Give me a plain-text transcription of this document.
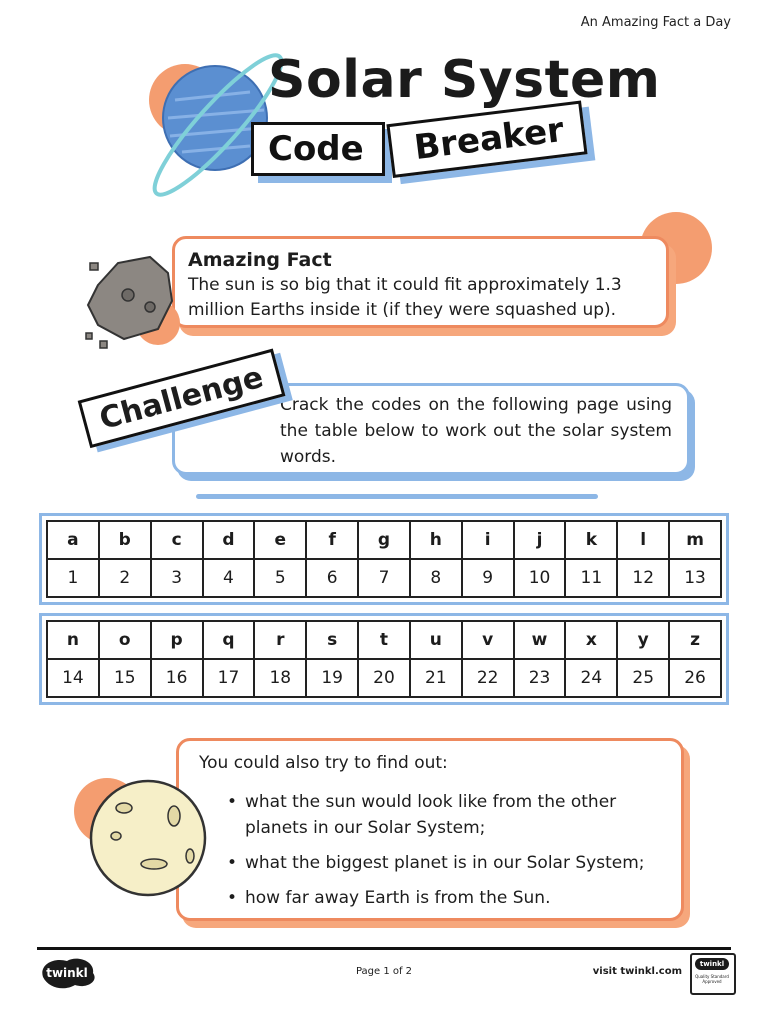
An Amazing Fact a Day
Solar System
Code	Breaker
Amazing Fact
The sun is so big that it could fit approximately 1.3 million Earths inside it (if they were squashed up).
Crack the codes on the following page using the table below to work out the solar system words.
Challenge
a	b	c	d	e	f	g	h	i	j	k	l	m
1	2	3	4	5	6	7	8	9	10	11	12	13
n	o	p	q	r	s	t	u	v	w	x	y	z
14	15	16	17	18	19	20	21	22	23	24	25	26
You could also try to find out:
• what the sun would look like from the other planets in our Solar System;
• what the biggest planet is in our Solar System;
• how far away Earth is from the Sun.
twinkl	Page 1 of 2	visit twinkl.com
twinkl
Quality Standard Approved
